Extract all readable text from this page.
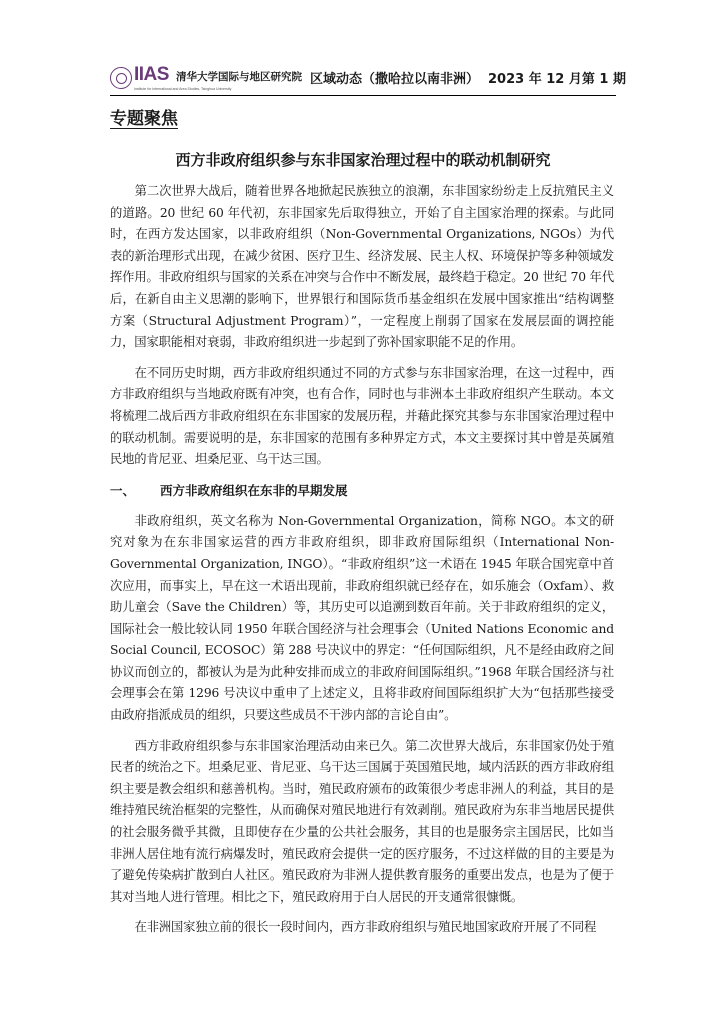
IIAS 清华大学国际与地区研究院
Institute for International and Area Studies, Tsinghua University
区域动态（撒哈拉以南非洲） 2023 年 12 月第 1 期
专题聚焦
西方非政府组织参与东非国家治理过程中的联动机制研究

第二次世界大战后，随着世界各地掀起民族独立的浪潮，东非国家纷纷走上反抗殖民主义的道路。20 世纪 60 年代初，东非国家先后取得独立，开始了自主国家治理的探索。与此同时，在西方发达国家，以非政府组织（Non-Governmental Organizations, NGOs）为代表的新治理形式出现，在减少贫困、医疗卫生、经济发展、民主人权、环境保护等多种领域发挥作用。非政府组织与国家的关系在冲突与合作中不断发展，最终趋于稳定。20 世纪 70 年代后，在新自由主义思潮的影响下，世界银行和国际货币基金组织在发展中国家推出“结构调整方案（Structural Adjustment Program）”，一定程度上削弱了国家在发展层面的调控能力，国家职能相对衰弱，非政府组织进一步起到了弥补国家职能不足的作用。

在不同历史时期，西方非政府组织通过不同的方式参与东非国家治理，在这一过程中，西方非政府组织与当地政府既有冲突，也有合作，同时也与非洲本土非政府组织产生联动。本文将梳理二战后西方非政府组织在东非国家的发展历程，并藉此探究其参与东非国家治理过程中的联动机制。需要说明的是，东非国家的范围有多种界定方式，本文主要探讨其中曾是英属殖民地的肯尼亚、坦桑尼亚、乌干达三国。

一、 西方非政府组织在东非的早期发展

非政府组织，英文名称为 Non-Governmental Organization，简称 NGO。本文的研究对象为在东非国家运营的西方非政府组织，即非政府国际组织（International Non-Governmental Organization, INGO）。“非政府组织”这一术语在 1945 年联合国宪章中首次应用，而事实上，早在这一术语出现前，非政府组织就已经存在，如乐施会（Oxfam）、救助儿童会（Save the Children）等，其历史可以追溯到数百年前。关于非政府组织的定义，国际社会一般比较认同 1950 年联合国经济与社会理事会（United Nations Economic and Social Council, ECOSOC）第 288 号决议中的界定：“任何国际组织，凡不是经由政府之间协议而创立的，都被认为是为此种安排而成立的非政府间国际组织。”1968 年联合国经济与社会理事会在第 1296 号决议中重申了上述定义，且将非政府间国际组织扩大为“包括那些接受由政府指派成员的组织，只要这些成员不干涉内部的言论自由”。

西方非政府组织参与东非国家治理活动由来已久。第二次世界大战后，东非国家仍处于殖民者的统治之下。坦桑尼亚、肯尼亚、乌干达三国属于英国殖民地，域内活跃的西方非政府组织主要是教会组织和慈善机构。当时，殖民政府颁布的政策很少考虑非洲人的利益，其目的是维持殖民统治框架的完整性，从而确保对殖民地进行有效剥削。殖民政府为东非当地居民提供的社会服务微乎其微，且即使存在少量的公共社会服务，其目的也是服务宗主国居民，比如当非洲人居住地有流行病爆发时，殖民政府会提供一定的医疗服务，不过这样做的目的主要是为了避免传染病扩散到白人社区。殖民政府为非洲人提供教育服务的重要出发点，也是为了便于其对当地人进行管理。相比之下，殖民政府用于白人居民的开支通常很慷慨。

在非洲国家独立前的很长一段时间内，西方非政府组织与殖民地国家政府开展了不同程
